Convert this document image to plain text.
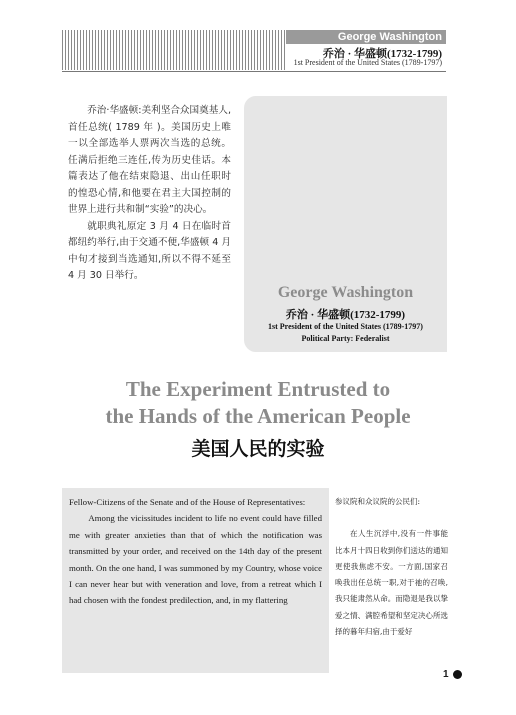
George Washington
乔治 · 华盛顿(1732-1799)
1st President of the United States (1789-1797)

乔治·华盛顿:美利坚合众国奠基人,首任总统( 1789 年 )。美国历史上唯一以全部选举人票两次当选的总统。任满后拒绝三连任,传为历史佳话。本篇表达了他在结束隐退、出山任职时的惶恐心情,和他要在君主大国控制的世界上进行共和制“实验”的决心。

就职典礼原定 3 月 4 日在临时首都纽约举行,由于交通不便,华盛顿 4 月中旬才接到当选通知,所以不得不延至 4 月 30 日举行。

George Washington
乔治 · 华盛顿(1732-1799)
1st President of the United States (1789-1797)
Political Party: Federalist
The Experiment Entrusted to
the Hands of the American People
美国人民的实验

Fellow-Citizens of the Senate and of the House of Representatives:

Among the vicissitudes incident to life no event could have filled me with greater anxieties than that of which the notification was transmitted by your order, and received on the 14th day of the present month. On the one hand, I was summoned by my Country, whose voice I can never hear but with veneration and love, from a retreat which I had chosen with the fondest predilection, and, in my flattering

参议院和众议院的公民们:

在人生沉浮中,没有一件事能比本月十四日收到你们送达的通知更使我焦虑不安。一方面,国家召唤我出任总统一职,对于祂的召唤,我只能肃然从命。而隐退是我以挚爱之情、满腔希望和坚定决心所选择的暮年归宿,由于爱好

1
